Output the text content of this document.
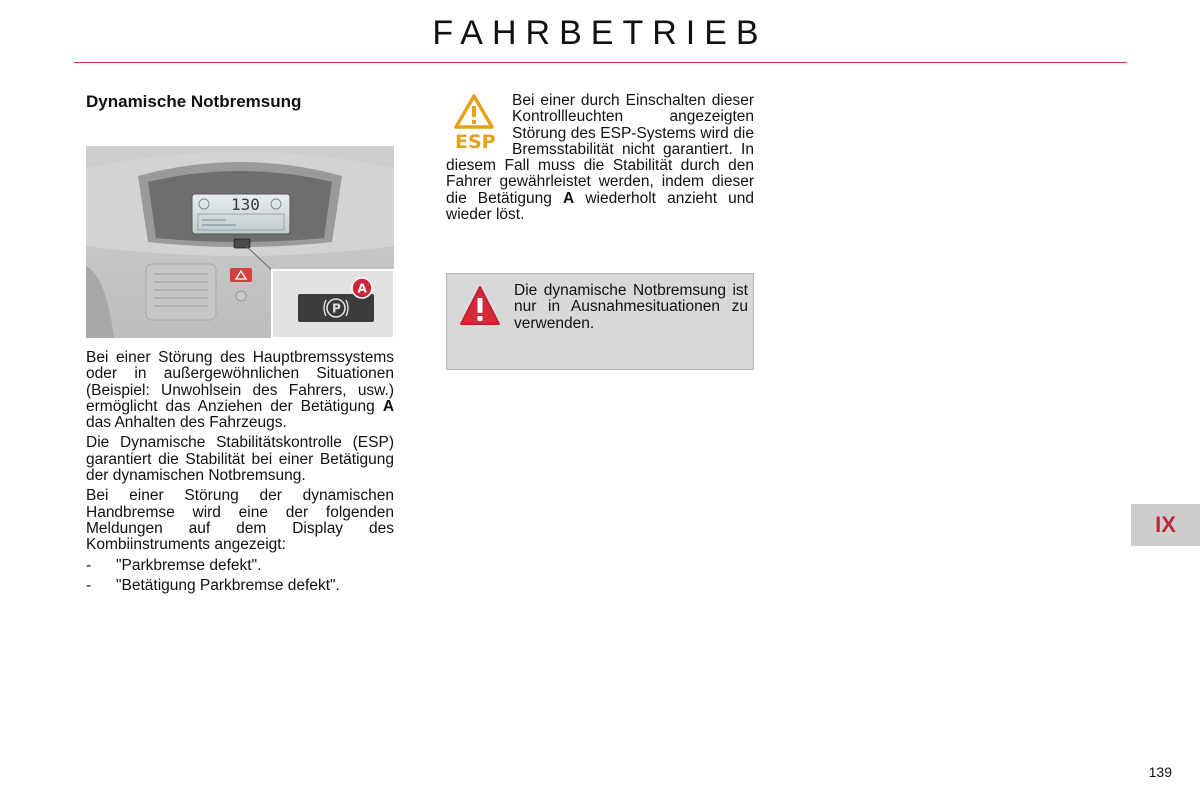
FAHRBETRIEB
Dynamische Notbremsung
130
P
A

Bei einer Störung des Hauptbremssystems oder in außergewöhnlichen Situationen (Beispiel: Unwohlsein des Fahrers, usw.) ermöglicht das Anziehen der Betätigung A das Anhalten des Fahrzeugs.

Die Dynamische Stabilitätskontrolle (ESP) garantiert die Stabilität bei einer Betätigung der dynamischen Notbremsung.

Bei einer Störung der dynamischen Handbremse wird eine der folgenden Meldungen auf dem Display des Kombiinstruments angezeigt:

- "Parkbremse defekt".
- "Betätigung Parkbremse defekt".
ESP

Bei einer durch Einschalten dieser Kontrollleuchten angezeigten Störung des ESP-Systems wird die Bremsstabilität nicht garantiert. In diesem Fall muss die Stabilität durch den Fahrer gewährleistet werden, indem dieser die Betätigung A wiederholt anzieht und wieder löst.

Die dynamische Notbremsung ist nur in Ausnahmesituationen zu verwenden.

IX
139
